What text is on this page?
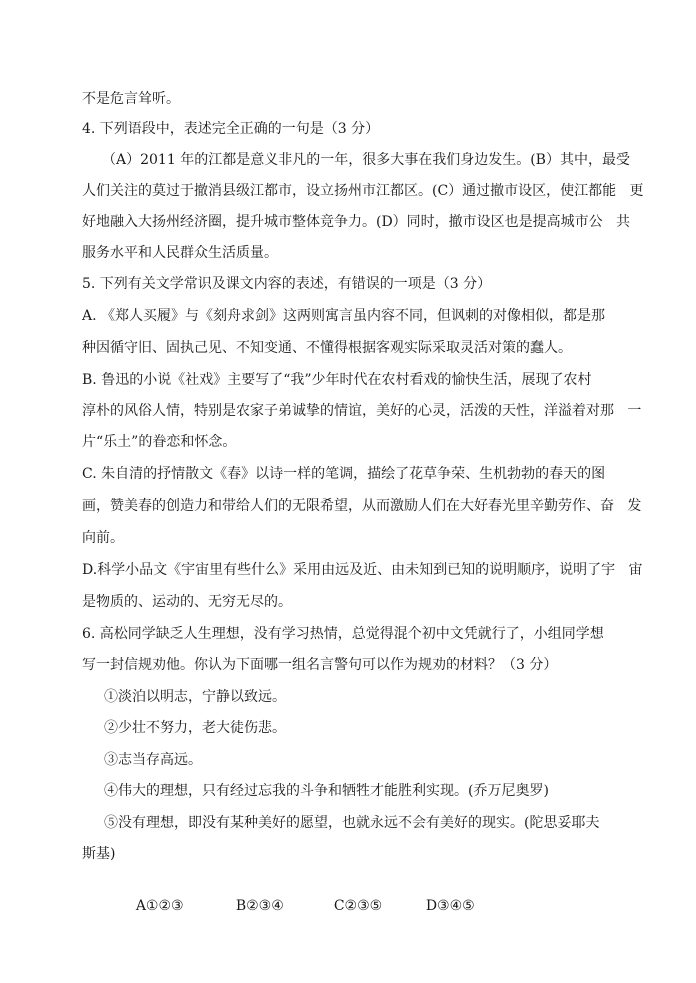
不是危言耸听。
4. 下列语段中，表述完全正确的一句是（3 分）
（A）2011 年的江都是意义非凡的一年，很多大事在我们身边发生。(B）其中，最受
人们关注的莫过于撤消县级江都市，设立扬州市江都区。(C）通过撤市设区，使江都能   更
好地融入大扬州经济圈，提升城市整体竞争力。(D）同时，撤市设区也是提高城市公   共
服务水平和人民群众生活质量。
5. 下列有关文学常识及课文内容的表述，有错误的一项是（3 分）
A. 《郑人买履》与《刻舟求剑》这两则寓言虽内容不同，但讽刺的对像相似，都是那
种因循守旧、固执己见、不知变通、不懂得根据客观实际采取灵活对策的蠢人。
B. 鲁迅的小说《社戏》主要写了“我”少年时代在农村看戏的愉快生活，展现了农村
淳朴的风俗人情，特别是农家子弟诚挚的情谊，美好的心灵，活泼的天性，洋溢着对那   一
片“乐土”的眷恋和怀念。
C. 朱自清的抒情散文《春》以诗一样的笔调，描绘了花草争荣、生机勃勃的春天的图
画，赞美春的创造力和带给人们的无限希望，从而激励人们在大好春光里辛勤劳作、奋   发
向前。
D.科学小品文《宇宙里有些什么》采用由远及近、由未知到已知的说明顺序，说明了宇   宙
是物质的、运动的、无穷无尽的。
6. 高松同学缺乏人生理想，没有学习热情，总觉得混个初中文凭就行了，小组同学想
写一封信规劝他。你认为下面哪一组名言警句可以作为规劝的材料？（3 分）
①淡泊以明志，宁静以致远。
②少壮不努力，老大徒伤悲。
③志当存高远。
④伟大的理想，只有经过忘我的斗争和牺牲才能胜利实现。(乔万尼奥罗)
⑤没有理想，即没有某种美好的愿望，也就永远不会有美好的现实。(陀思妥耶夫
斯基)

A①②③	B②③④	C②③⑤	D③④⑤
